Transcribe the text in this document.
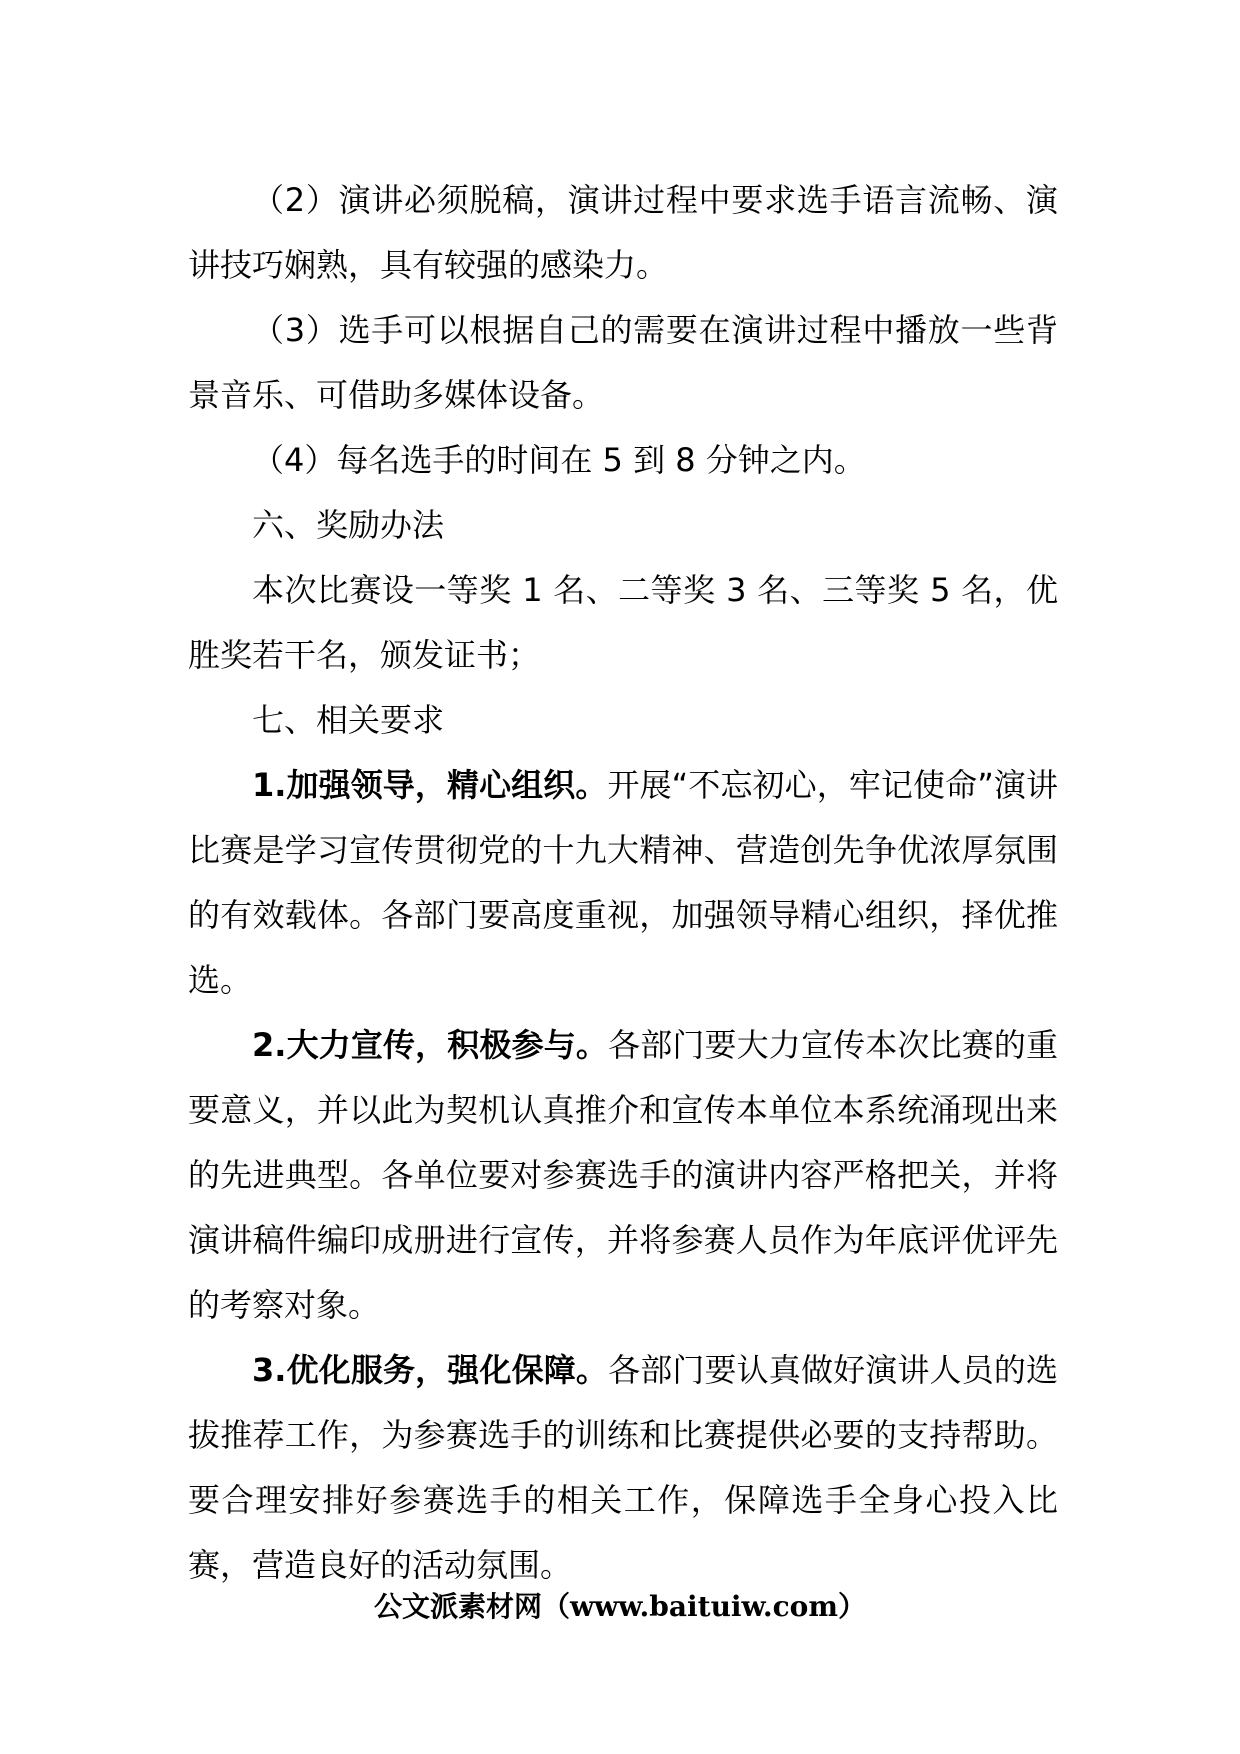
（2）演讲必须脱稿，演讲过程中要求选手语言流畅、演讲技巧娴熟，具有较强的感染力。

（3）选手可以根据自己的需要在演讲过程中播放一些背景音乐、可借助多媒体设备。

（4）每名选手的时间在 5 到 8 分钟之内。

六、奖励办法

本次比赛设一等奖 1 名、二等奖 3 名、三等奖 5 名，优胜奖若干名，颁发证书；

七、相关要求

1.加强领导，精心组织。开展“不忘初心，牢记使命”演讲比赛是学习宣传贯彻党的十九大精神、营造创先争优浓厚氛围的有效载体。各部门要高度重视，加强领导精心组织，择优推选。

2.大力宣传，积极参与。各部门要大力宣传本次比赛的重要意义，并以此为契机认真推介和宣传本单位本系统涌现出来的先进典型。各单位要对参赛选手的演讲内容严格把关，并将演讲稿件编印成册进行宣传，并将参赛人员作为年底评优评先的考察对象。

3.优化服务，强化保障。各部门要认真做好演讲人员的选拔推荐工作，为参赛选手的训练和比赛提供必要的支持帮助。要合理安排好参赛选手的相关工作，保障选手全身心投入比赛，营造良好的活动氛围。

公文派素材网（www.baituiw.com）
